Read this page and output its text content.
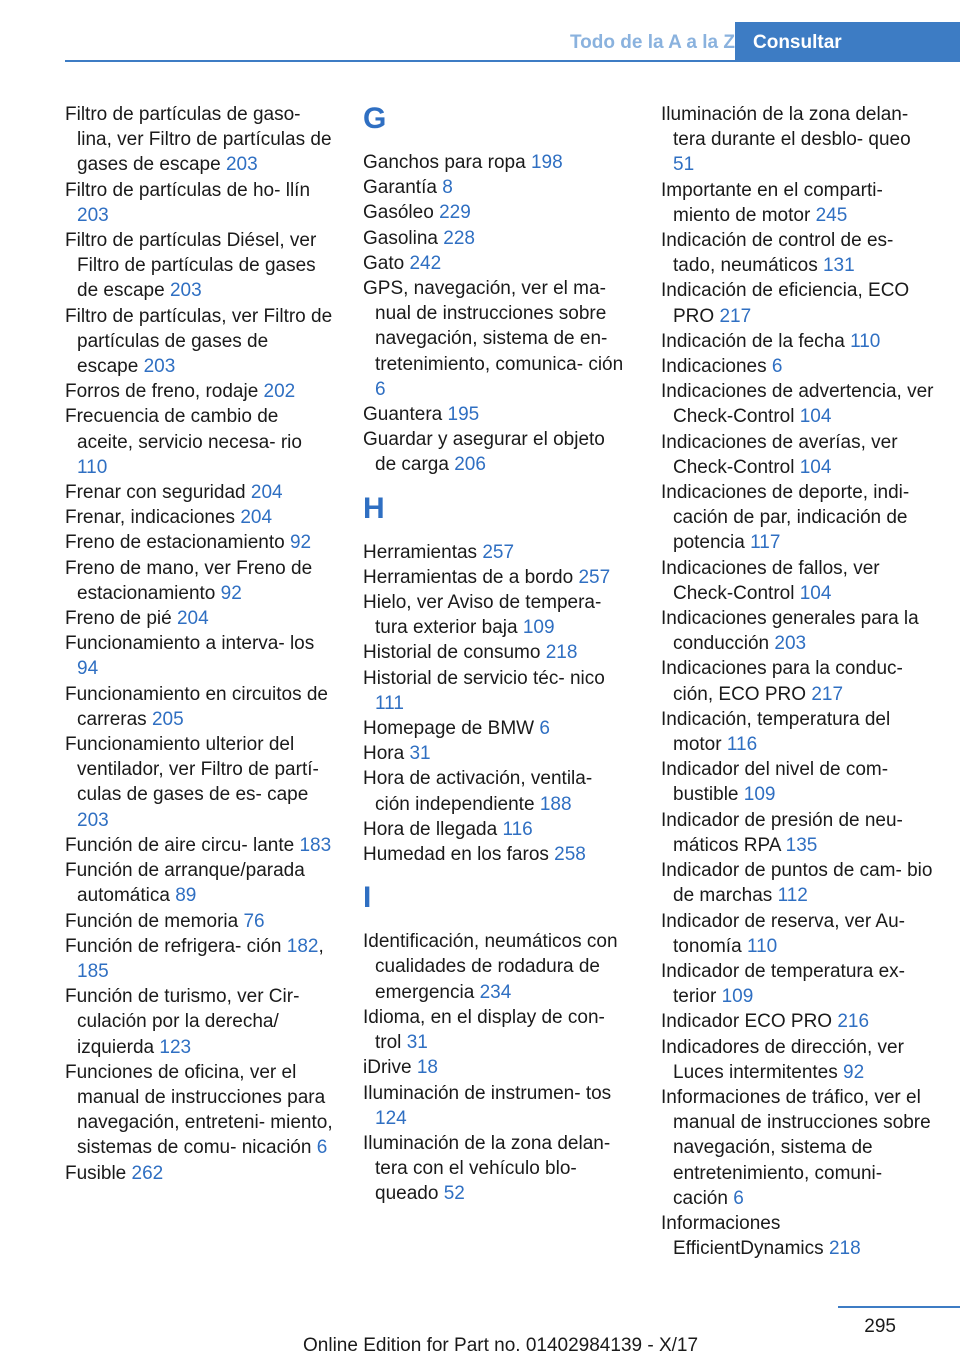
Todo de la A a la Z Consultar
Filtro de partículas de gaso‐ lina, ver Filtro de partículas de gases de escape 203
Filtro de partículas de ho‐ llín 203
Filtro de partículas Diésel, ver Filtro de partículas de gases de escape 203
Filtro de partículas, ver Filtro de partículas de gases de escape 203
Forros de freno, rodaje 202
Frecuencia de cambio de aceite, servicio necesa‐ rio 110
Frenar con seguridad 204
Frenar, indicaciones 204
Freno de estacionamiento 92
Freno de mano, ver Freno de estacionamiento 92
Freno de pié 204
Funcionamiento a interva‐ los 94
Funcionamiento en circuitos de carreras 205
Funcionamiento ulterior del ventilador, ver Filtro de partí‐ culas de gases de es‐ cape 203
Función de aire circu‐ lante 183
Función de arranque/parada automática 89
Función de memoria 76
Función de refrigera‐ ción 182, 185
Función de turismo, ver Cir‐ culación por la derecha/ izquierda 123
Funciones de oficina, ver el manual de instrucciones para navegación, entreteni‐ miento, sistemas de comu‐ nicación 6
Fusible 262
G
Ganchos para ropa 198
Garantía 8
Gasóleo 229
Gasolina 228
Gato 242
GPS, navegación, ver el ma‐ nual de instrucciones sobre navegación, sistema de en‐ tretenimiento, comunica‐ ción 6
Guantera 195
Guardar y asegurar el objeto de carga 206
H
Herramientas 257
Herramientas de a bordo 257
Hielo, ver Aviso de tempera‐ tura exterior baja 109
Historial de consumo 218
Historial de servicio téc‐ nico 111
Homepage de BMW 6
Hora 31
Hora de activación, ventila‐ ción independiente 188
Hora de llegada 116
Humedad en los faros 258
I
Identificación, neumáticos con cualidades de rodadura de emergencia 234
Idioma, en el display de con‐ trol 31
iDrive 18
Iluminación de instrumen‐ tos 124
Iluminación de la zona delan‐ tera con el vehículo blo‐ queado 52
Iluminación de la zona delan‐ tera durante el desblo‐ queo 51
Importante en el comparti‐ miento de motor 245
Indicación de control de es‐ tado, neumáticos 131
Indicación de eficiencia, ECO PRO 217
Indicación de la fecha 110
Indicaciones 6
Indicaciones de advertencia, ver Check-Control 104
Indicaciones de averías, ver Check-Control 104
Indicaciones de deporte, indi‐ cación de par, indicación de potencia 117
Indicaciones de fallos, ver Check-Control 104
Indicaciones generales para la conducción 203
Indicaciones para la conduc‐ ción, ECO PRO 217
Indicación, temperatura del motor 116
Indicador del nivel de com‐ bustible 109
Indicador de presión de neu‐ máticos RPA 135
Indicador de puntos de cam‐ bio de marchas 112
Indicador de reserva, ver Au‐ tonomía 110
Indicador de temperatura ex‐ terior 109
Indicador ECO PRO 216
Indicadores de dirección, ver Luces intermitentes 92
Informaciones de tráfico, ver el manual de instrucciones sobre navegación, sistema de entretenimiento, comuni‐ cación 6
Informaciones EfficientDynamics 218
295
Online Edition for Part no. 01402984139 - X/17
